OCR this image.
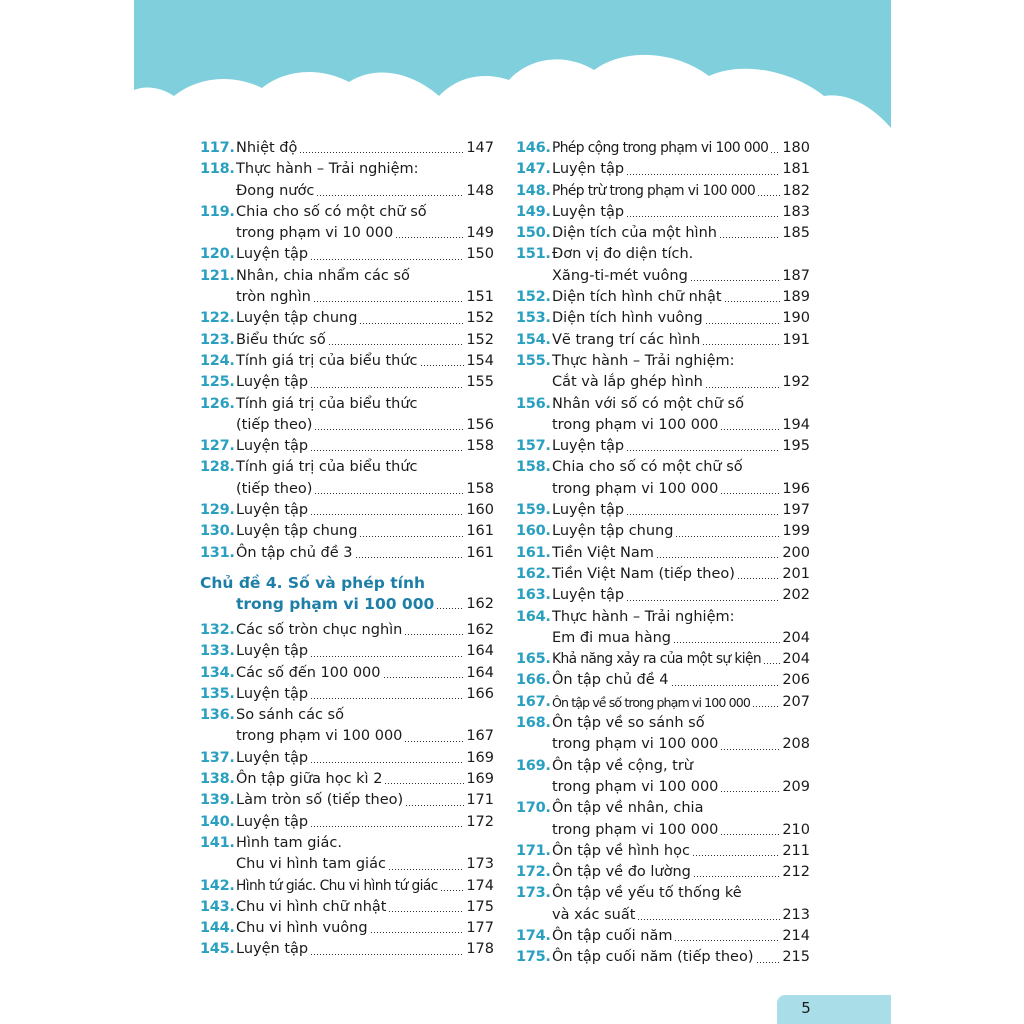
117. Nhiệt độ	147
118. Thực hành – Trải nghiệm:
Đong nước	148
119. Chia cho số có một chữ số
trong phạm vi 10 000	149
120. Luyện tập	150
121. Nhân, chia nhẩm các số
tròn nghìn	151
122. Luyện tập chung	152
123. Biểu thức số	152
124. Tính giá trị của biểu thức	154
125. Luyện tập	155
126. Tính giá trị của biểu thức
(tiếp theo)	156
127. Luyện tập	158
128. Tính giá trị của biểu thức
(tiếp theo)	158
129. Luyện tập	160
130. Luyện tập chung	161
131. Ôn tập chủ đề 3	161
Chủ đề 4. Số và phép tính
trong phạm vi 100 000 162
132. Các số tròn chục nghìn	162
133. Luyện tập	164
134. Các số đến 100 000	164
135. Luyện tập	166
136. So sánh các số
trong phạm vi 100 000	167
137. Luyện tập	169
138. Ôn tập giữa học kì 2	169
139. Làm tròn số (tiếp theo)	171
140. Luyện tập	172
141. Hình tam giác.
Chu vi hình tam giác	173
142. Hình tứ giác. Chu vi hình tứ giác 174
143. Chu vi hình chữ nhật	175
144. Chu vi hình vuông	177
145. Luyện tập	178
146. Phép cộng trong phạm vi 100 000 180
147. Luyện tập	181
148. Phép trừ trong phạm vi 100 000 182
149. Luyện tập	183
150. Diện tích của một hình	185
151. Đơn vị đo diện tích.
Xăng-ti-mét vuông	187
152. Diện tích hình chữ nhật	189
153. Diện tích hình vuông	190
154. Vẽ trang trí các hình	191
155. Thực hành – Trải nghiệm:
Cắt và lắp ghép hình	192
156. Nhân với số có một chữ số
trong phạm vi 100 000	194
157. Luyện tập	195
158. Chia cho số có một chữ số
trong phạm vi 100 000	196
159. Luyện tập	197
160. Luyện tập chung	199
161. Tiền Việt Nam	200
162. Tiền Việt Nam (tiếp theo)	201
163. Luyện tập	202
164. Thực hành – Trải nghiệm:
Em đi mua hàng	204
165. Khả năng xảy ra của một sự kiện 204
166. Ôn tập chủ đề 4	206
167. Ôn tập về số trong phạm vi 100 000 207
168. Ôn tập về so sánh số
trong phạm vi 100 000	208
169. Ôn tập về cộng, trừ
trong phạm vi 100 000	209
170. Ôn tập về nhân, chia
trong phạm vi 100 000	210
171. Ôn tập về hình học	211
172. Ôn tập về đo lường	212
173. Ôn tập về yếu tố thống kê
và xác suất	213
174. Ôn tập cuối năm	214
175. Ôn tập cuối năm (tiếp theo) 215
5
